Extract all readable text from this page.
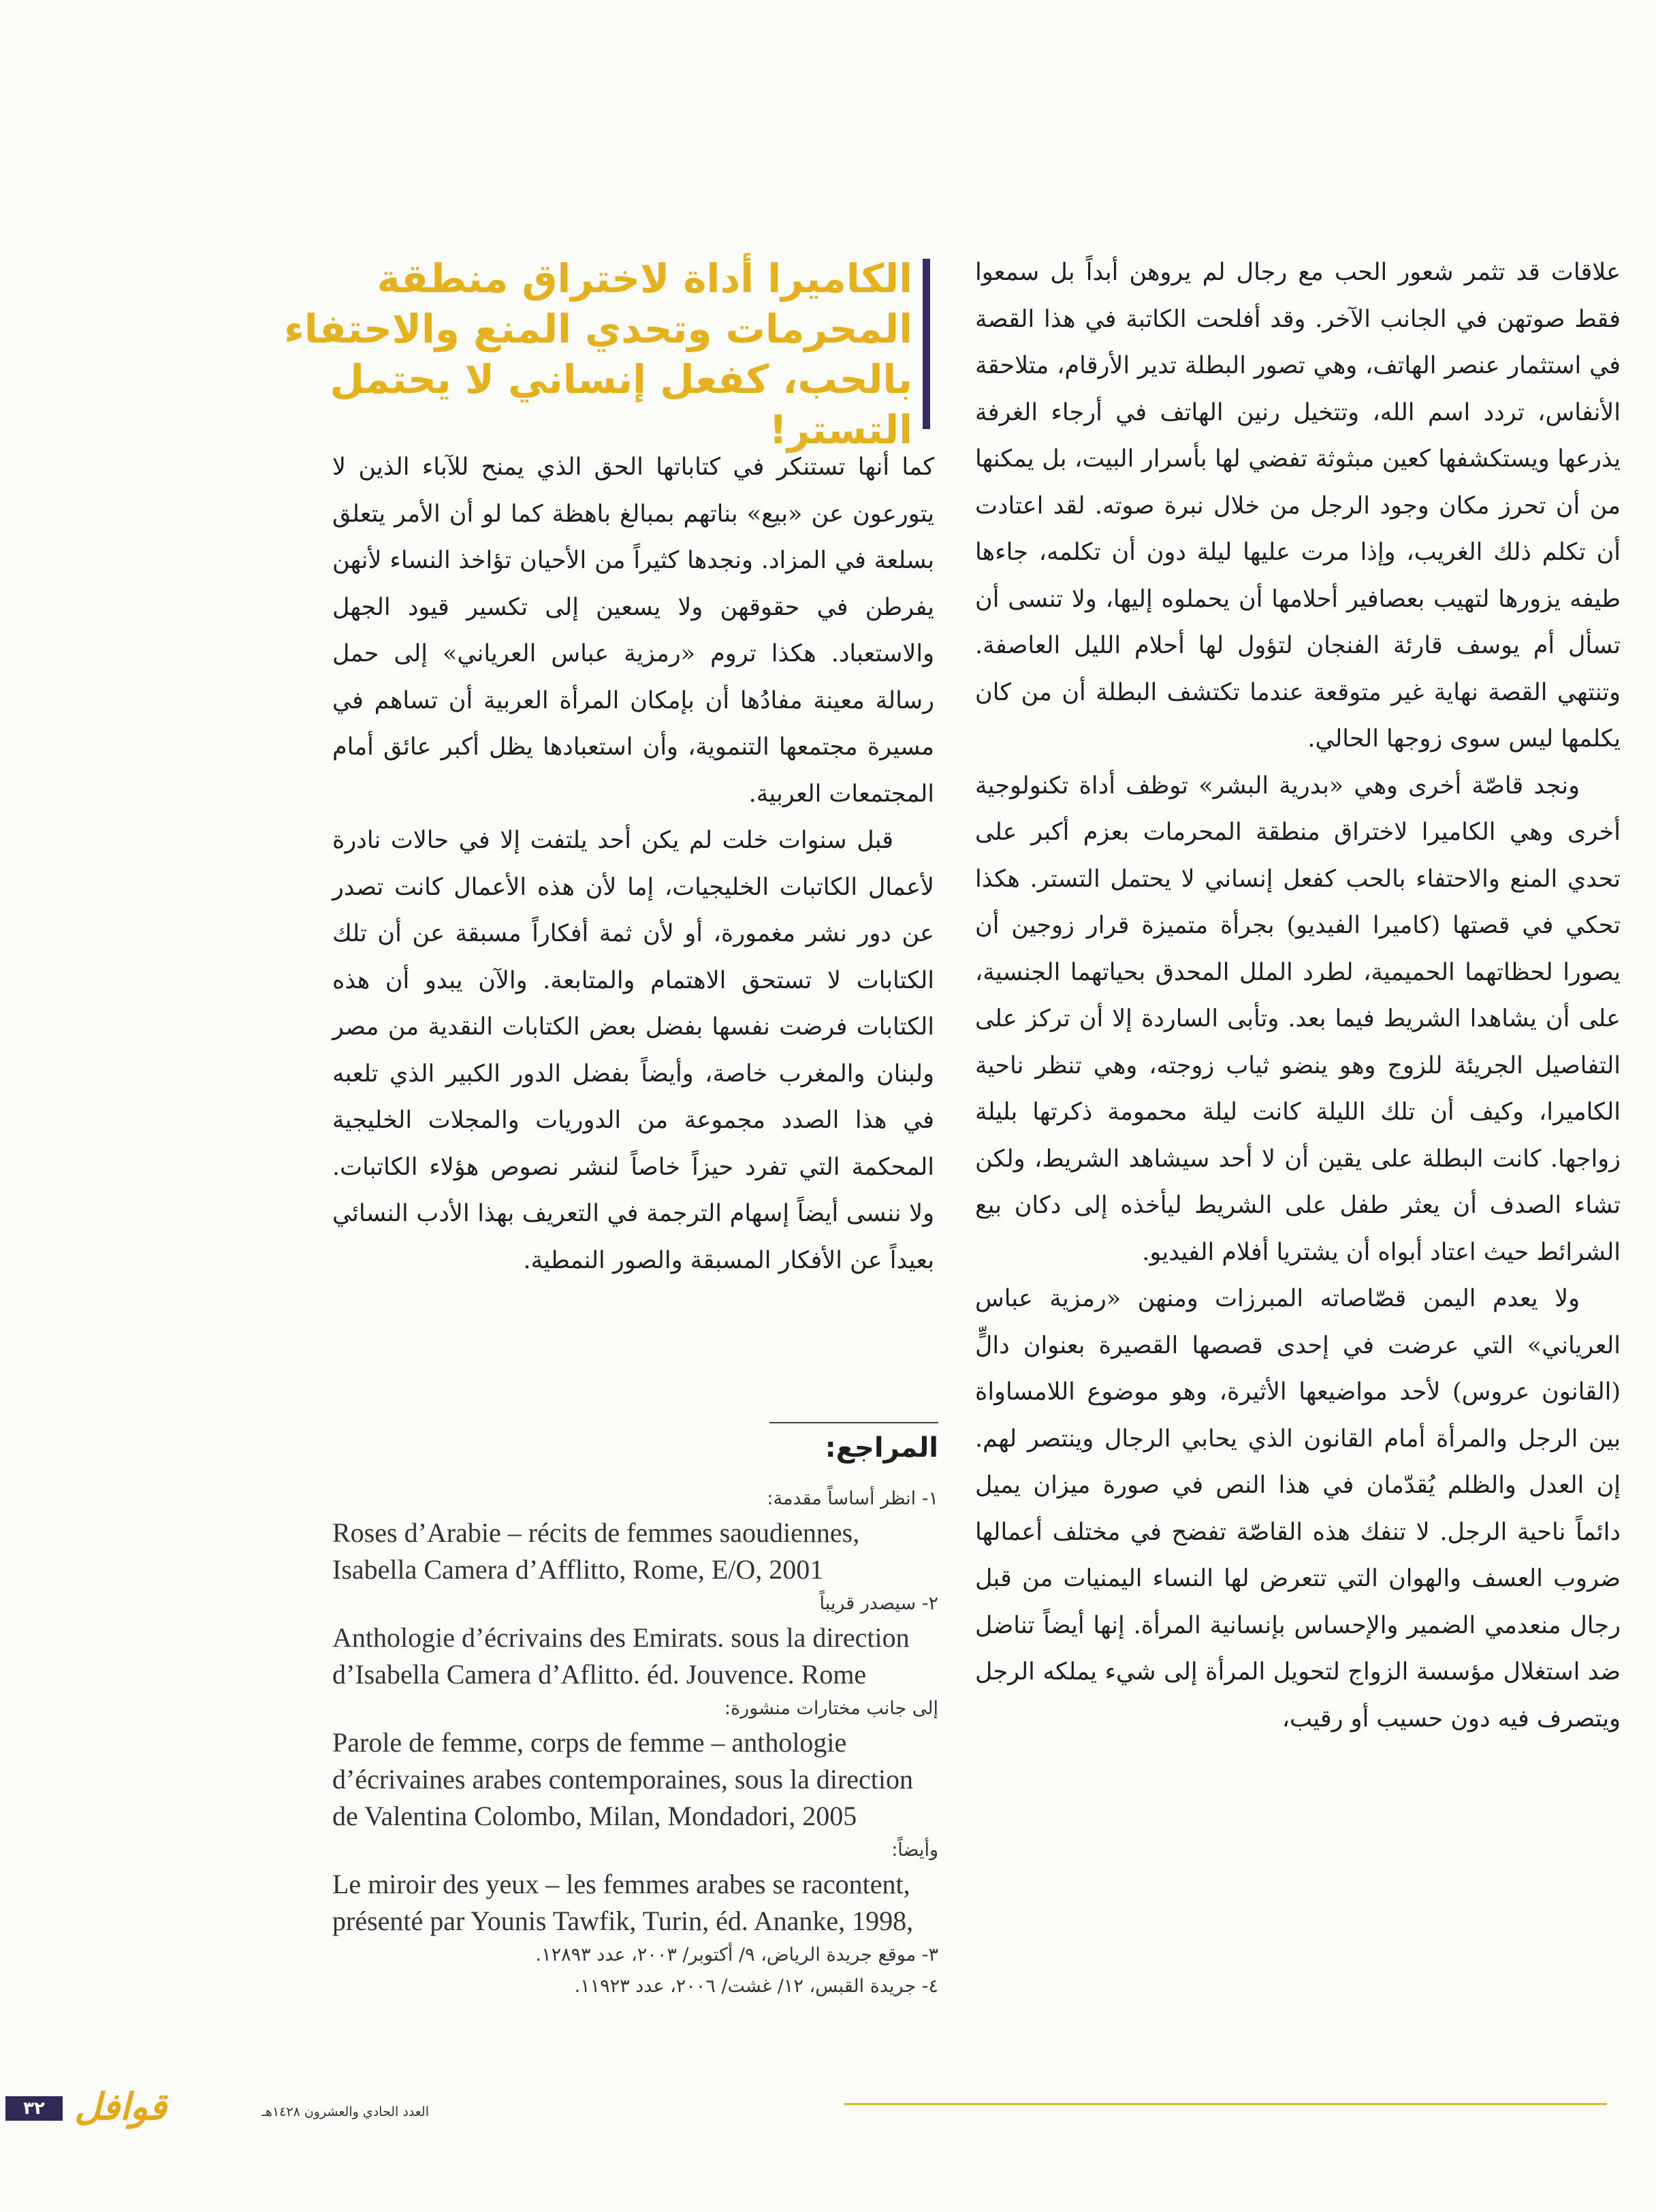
الكاميرا أداة لاختراق منطقة المحرمات وتحدي المنع والاحتفاء بالحب، كفعل إنساني لا يحتمل التستر!

علاقات قد تثمر شعور الحب مع رجال لم يروهن أبداً بل سمعوا فقط صوتهن في الجانب الآخر. وقد أفلحت الكاتبة في هذا القصة في استثمار عنصر الهاتف، وهي تصور البطلة تدير الأرقام، متلاحقة الأنفاس، تردد اسم الله، وتتخيل رنين الهاتف في أرجاء الغرفة يذرعها ويستكشفها كعين مبثوثة تفضي لها بأسرار البيت، بل يمكنها من أن تحرز مكان وجود الرجل من خلال نبرة صوته. لقد اعتادت أن تكلم ذلك الغريب، وإذا مرت عليها ليلة دون أن تكلمه، جاءها طيفه يزورها لتهيب بعصافير أحلامها أن يحملوه إليها، ولا تنسى أن تسأل أم يوسف قارئة الفنجان لتؤول لها أحلام الليل العاصفة. وتنتهي القصة نهاية غير متوقعة عندما تكتشف البطلة أن من كان يكلمها ليس سوى زوجها الحالي.

ونجد قاصّة أخرى وهي «بدرية البشر» توظف أداة تكنولوجية أخرى وهي الكاميرا لاختراق منطقة المحرمات بعزم أكبر على تحدي المنع والاحتفاء بالحب كفعل إنساني لا يحتمل التستر. هكذا تحكي في قصتها (كاميرا الفيديو) بجرأة متميزة قرار زوجين أن يصورا لحظاتهما الحميمية، لطرد الملل المحدق بحياتهما الجنسية، على أن يشاهدا الشريط فيما بعد. وتأبى الساردة إلا أن تركز على التفاصيل الجريئة للزوج وهو ينضو ثياب زوجته، وهي تنظر ناحية الكاميرا، وكيف أن تلك الليلة كانت ليلة محمومة ذكرتها بليلة زواجها. كانت البطلة على يقين أن لا أحد سيشاهد الشريط، ولكن تشاء الصدف أن يعثر طفل على الشريط ليأخذه إلى دكان بيع الشرائط حيث اعتاد أبواه أن يشتريا أفلام الفيديو.

ولا يعدم اليمن قصّاصاته المبرزات ومنهن «رمزية عباس العرياني» التي عرضت في إحدى قصصها القصيرة بعنوان دالٍّ (القانون عروس) لأحد مواضيعها الأثيرة، وهو موضوع اللامساواة بين الرجل والمرأة أمام القانون الذي يحابي الرجال وينتصر لهم. إن العدل والظلم يُقدّمان في هذا النص في صورة ميزان يميل دائماً ناحية الرجل. لا تنفك هذه القاصّة تفضح في مختلف أعمالها ضروب العسف والهوان التي تتعرض لها النساء اليمنيات من قبل رجال منعدمي الضمير والإحساس بإنسانية المرأة. إنها أيضاً تناضل ضد استغلال مؤسسة الزواج لتحويل المرأة إلى شيء يملكه الرجل ويتصرف فيه دون حسيب أو رقيب،

كما أنها تستنكر في كتاباتها الحق الذي يمنح للآباء الذين لا يتورعون عن «بيع» بناتهم بمبالغ باهظة كما لو أن الأمر يتعلق بسلعة في المزاد. ونجدها كثيراً من الأحيان تؤاخذ النساء لأنهن يفرطن في حقوقهن ولا يسعين إلى تكسير قيود الجهل والاستعباد. هكذا تروم «رمزية عباس العرياني» إلى حمل رسالة معينة مفادُها أن بإمكان المرأة العربية أن تساهم في مسيرة مجتمعها التنموية، وأن استعبادها يظل أكبر عائق أمام المجتمعات العربية.

قبل سنوات خلت لم يكن أحد يلتفت إلا في حالات نادرة لأعمال الكاتبات الخليجيات، إما لأن هذه الأعمال كانت تصدر عن دور نشر مغمورة، أو لأن ثمة أفكاراً مسبقة عن أن تلك الكتابات لا تستحق الاهتمام والمتابعة. والآن يبدو أن هذه الكتابات فرضت نفسها بفضل بعض الكتابات النقدية من مصر ولبنان والمغرب خاصة، وأيضاً بفضل الدور الكبير الذي تلعبه في هذا الصدد مجموعة من الدوريات والمجلات الخليجية المحكمة التي تفرد حيزاً خاصاً لنشر نصوص هؤلاء الكاتبات. ولا ننسى أيضاً إسهام الترجمة في التعريف بهذا الأدب النسائي بعيداً عن الأفكار المسبقة والصور النمطية.

المراجع:
١- انظر أساساً مقدمة:
Roses d’Arabie – récits de femmes saoudiennes,
Isabella Camera d’Afflitto, Rome, E/O, 2001
٢- سيصدر قريباً
Anthologie d’écrivains des Emirats. sous la direction
d’Isabella Camera d’Aflitto. éd. Jouvence. Rome
إلى جانب مختارات منشورة:
Parole de femme, corps de femme – anthologie
d’écrivaines arabes contemporaines, sous la direction
de Valentina Colombo, Milan, Mondadori, 2005
وأيضاً:
Le miroir des yeux – les femmes arabes se racontent,
présenté par Younis Tawfik, Turin, éd. Ananke, 1998,
٣- موقع جريدة الرياض، ٩/ أكتوبر/ ٢٠٠٣، عدد ١٢٨٩٣.
٤- جريدة القبس، ١٢/ غشت/ ٢٠٠٦، عدد ١١٩٢٣.
العدد الحادي والعشرون ١٤٢٨هـ
قوافل
٣٢
